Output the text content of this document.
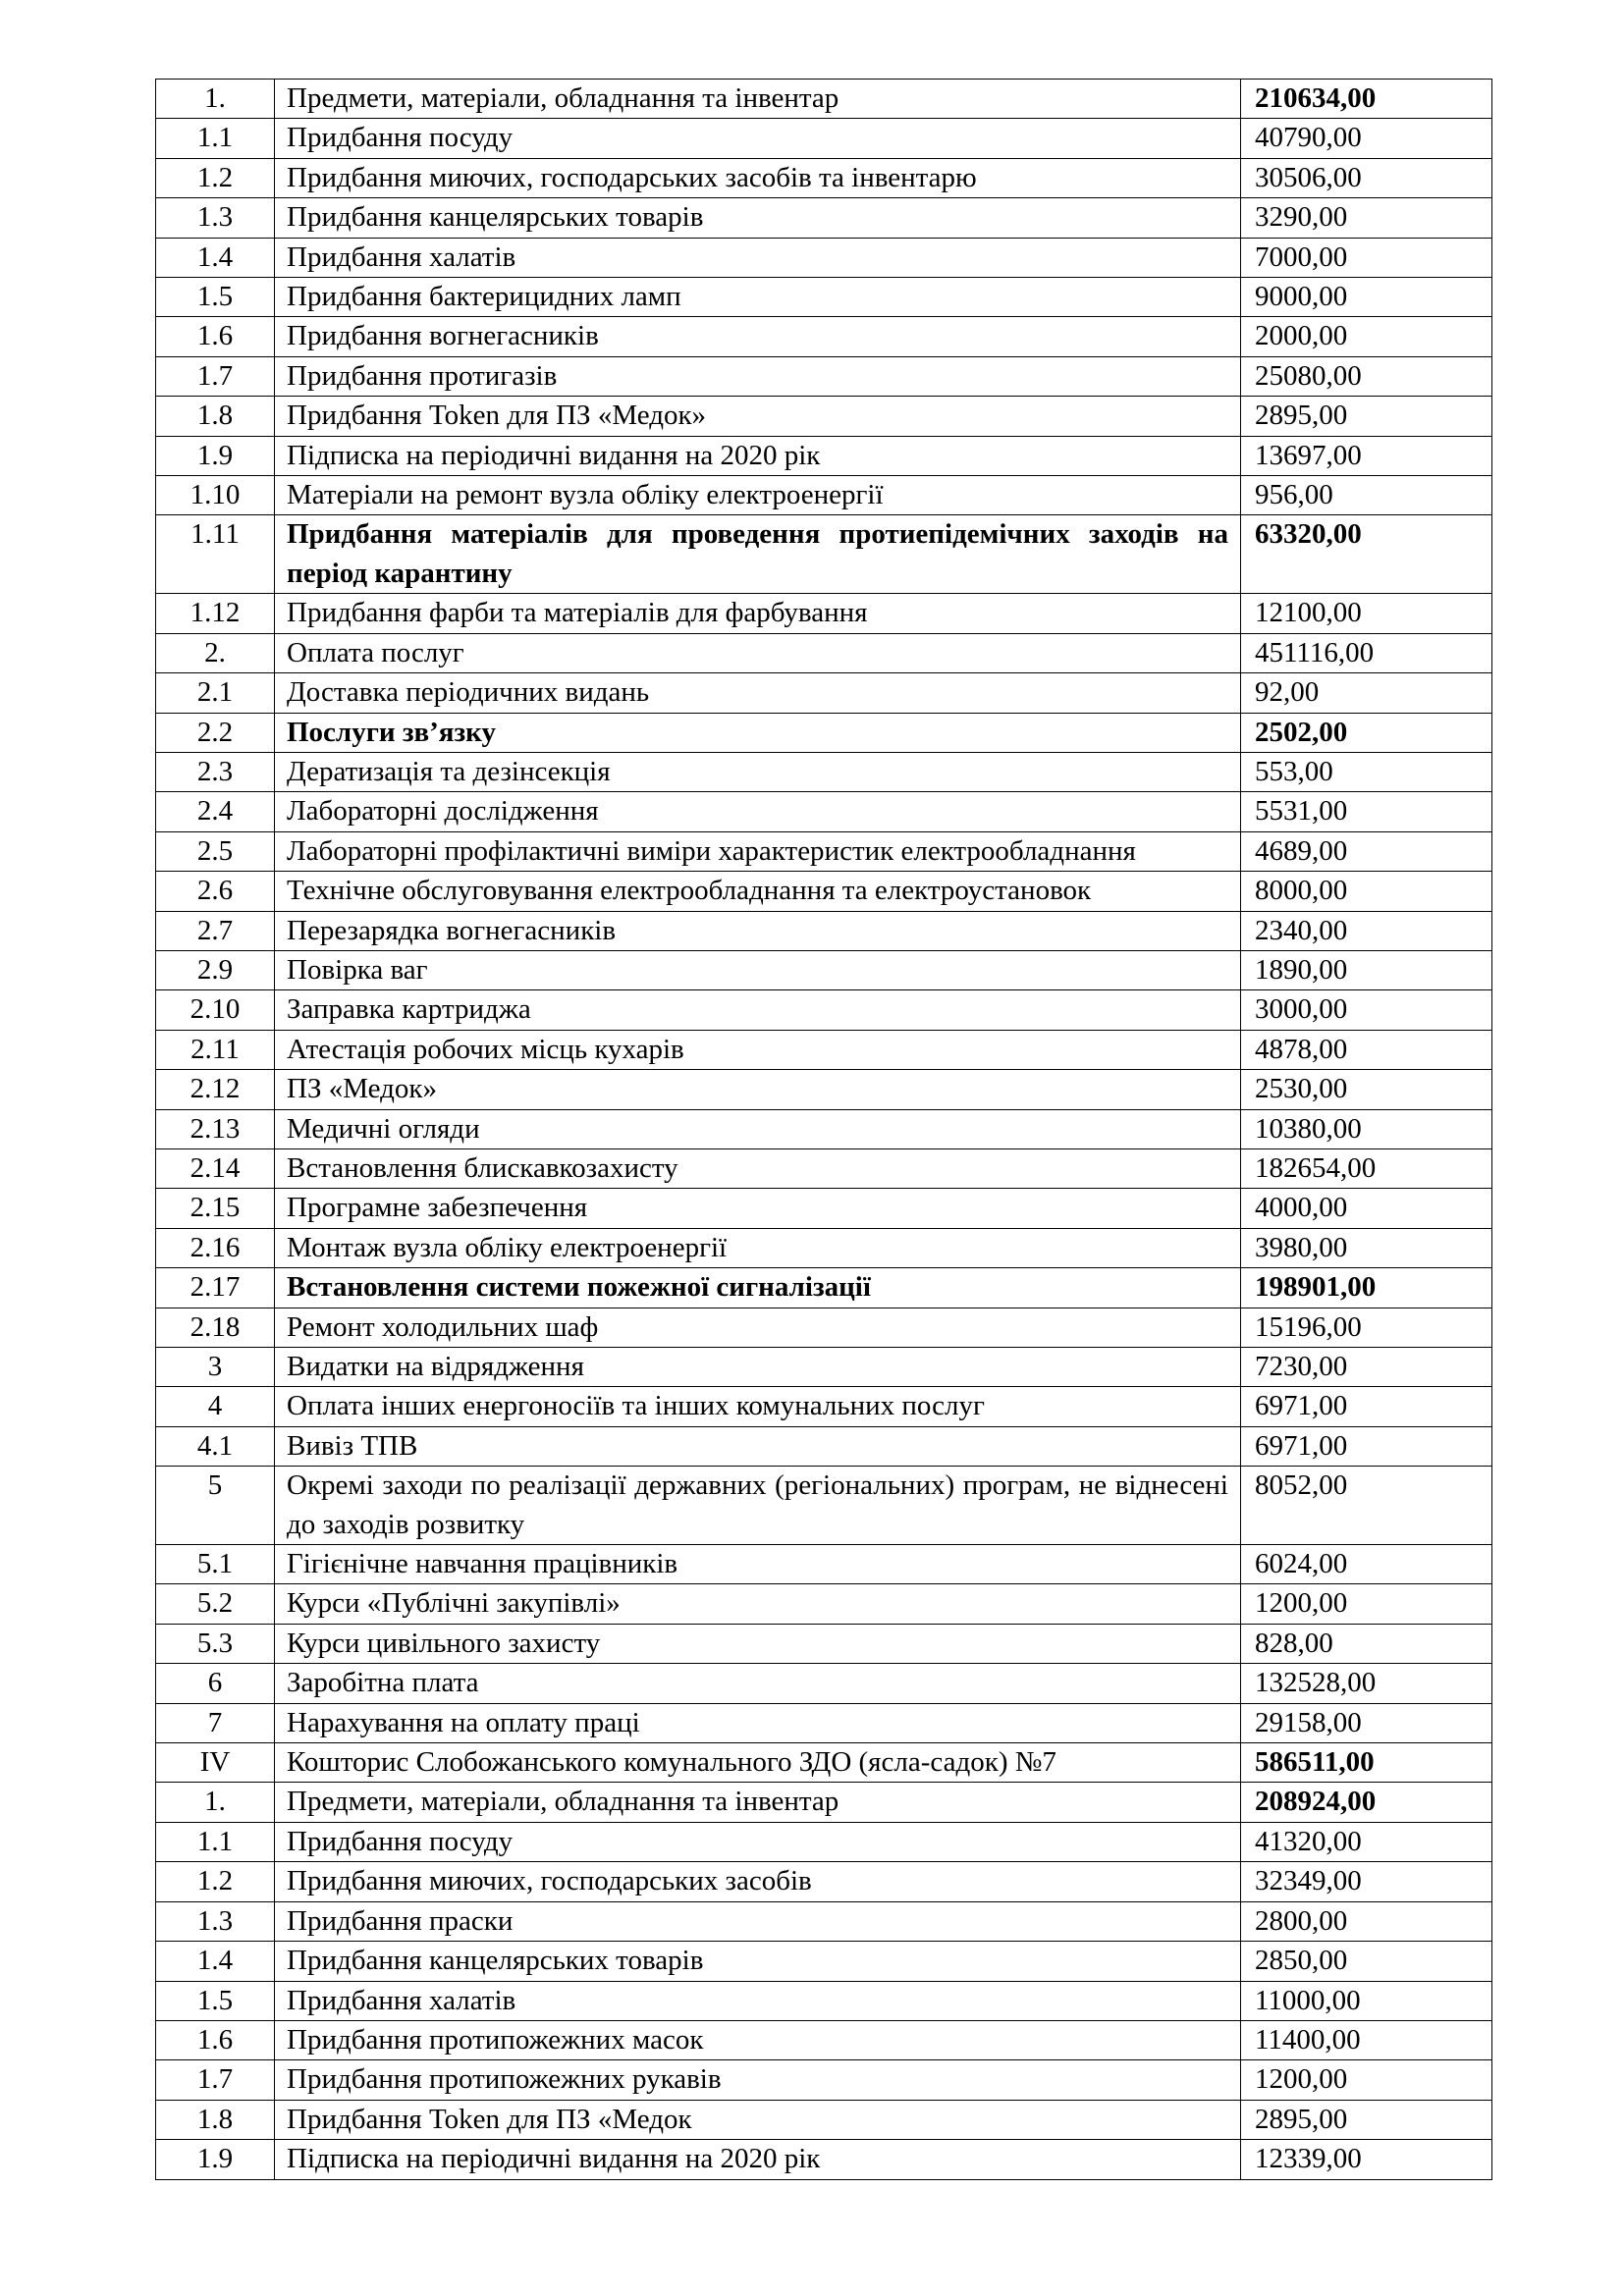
1.	Предмети, матеріали, обладнання та інвентар	210634,00
1.1	Придбання посуду	40790,00
1.2	Придбання миючих, господарських засобів та інвентарю	30506,00
1.3	Придбання канцелярських товарів	3290,00
1.4	Придбання халатів	7000,00
1.5	Придбання бактерицидних ламп	9000,00
1.6	Придбання вогнегасників	2000,00
1.7	Придбання протигазів	25080,00
1.8	Придбання Token для ПЗ «Медок»	2895,00
1.9	Підписка на періодичні видання на 2020 рік	13697,00
1.10	Матеріали на ремонт вузла обліку електроенергії	956,00
1.11	Придбання матеріалів для проведення протиепідемічних заходів на період карантину	63320,00
1.12	Придбання фарби та матеріалів для фарбування	12100,00
2.	Оплата послуг	451116,00
2.1	Доставка періодичних видань	92,00
2.2	Послуги зв’язку	2502,00
2.3	Дератизація та дезінсекція	553,00
2.4	Лабораторні дослідження	5531,00
2.5	Лабораторні профілактичні виміри характеристик електрообладнання	4689,00
2.6	Технічне обслуговування електрообладнання та електроустановок	8000,00
2.7	Перезарядка вогнегасників	2340,00
2.9	Повірка ваг	1890,00
2.10	Заправка картриджа	3000,00
2.11	Атестація робочих місць кухарів	4878,00
2.12	ПЗ «Медок»	2530,00
2.13	Медичні огляди	10380,00
2.14	Встановлення блискавкозахисту	182654,00
2.15	Програмне забезпечення	4000,00
2.16	Монтаж вузла обліку електроенергії	3980,00
2.17	Встановлення системи пожежної сигналізації	198901,00
2.18	Ремонт холодильних шаф	15196,00
3	Видатки на відрядження	7230,00
4	Оплата інших енергоносіїв та інших комунальних послуг	6971,00
4.1	Вивіз ТПВ	6971,00
5	Окремі заходи по реалізації державних (регіональних) програм, не віднесені до заходів розвитку	8052,00
5.1	Гігієнічне навчання працівників	6024,00
5.2	Курси «Публічні закупівлі»	1200,00
5.3	Курси цивільного захисту	828,00
6	Заробітна плата	132528,00
7	Нарахування на оплату праці	29158,00
IV	Кошторис Слобожанського комунального ЗДО (ясла-садок) №7	586511,00
1.	Предмети, матеріали, обладнання та інвентар	208924,00
1.1	Придбання посуду	41320,00
1.2	Придбання миючих, господарських засобів	32349,00
1.3	Придбання праски	2800,00
1.4	Придбання канцелярських товарів	2850,00
1.5	Придбання халатів	11000,00
1.6	Придбання протипожежних масок	11400,00
1.7	Придбання протипожежних рукавів	1200,00
1.8	Придбання Token для ПЗ «Медок	2895,00
1.9	Підписка на періодичні видання на 2020 рік	12339,00
